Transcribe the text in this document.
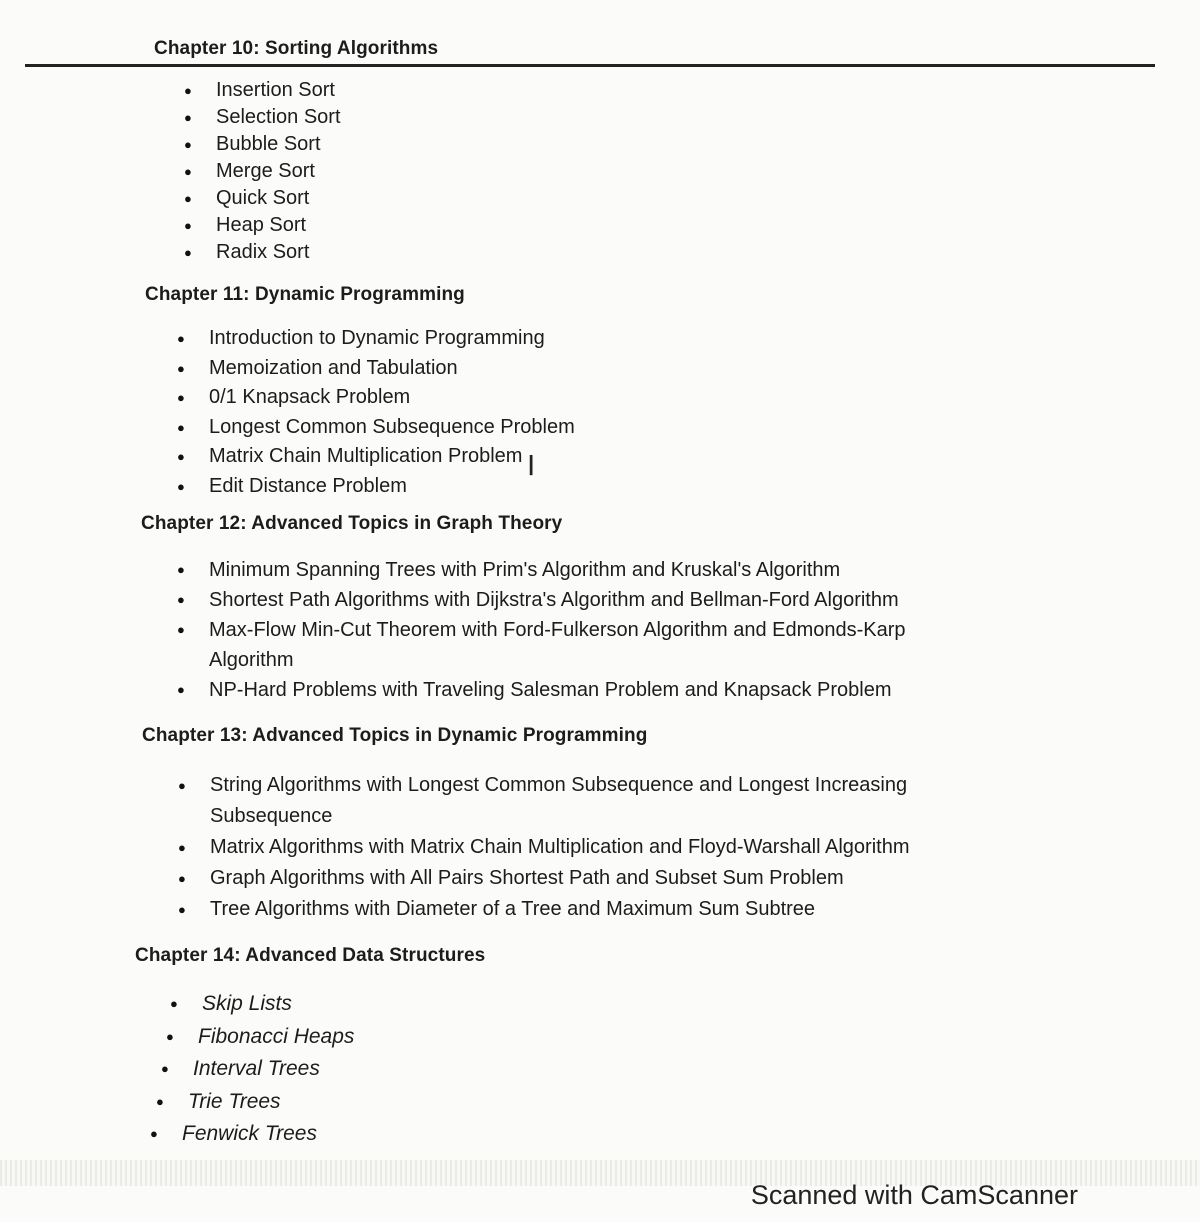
Chapter 10: Sorting Algorithms
● Insertion Sort
● Selection Sort
● Bubble Sort
● Merge Sort
● Quick Sort
● Heap Sort
● Radix Sort
Chapter 11: Dynamic Programming
● Introduction to Dynamic Programming
● Memoization and Tabulation
● 0/1 Knapsack Problem
● Longest Common Subsequence Problem
● Matrix Chain Multiplication Problem
● Edit Distance Problem
I
Chapter 12: Advanced Topics in Graph Theory
● Minimum Spanning Trees with Prim's Algorithm and Kruskal's Algorithm
● Shortest Path Algorithms with Dijkstra's Algorithm and Bellman-Ford Algorithm
● Max-Flow Min-Cut Theorem with Ford-Fulkerson Algorithm and Edmonds-Karp Algorithm
● NP-Hard Problems with Traveling Salesman Problem and Knapsack Problem
Chapter 13: Advanced Topics in Dynamic Programming
● String Algorithms with Longest Common Subsequence and Longest Increasing Subsequence
● Matrix Algorithms with Matrix Chain Multiplication and Floyd-Warshall Algorithm
● Graph Algorithms with All Pairs Shortest Path and Subset Sum Problem
● Tree Algorithms with Diameter of a Tree and Maximum Sum Subtree
Chapter 14: Advanced Data Structures
● Skip Lists
● Fibonacci Heaps
● Interval Trees
● Trie Trees
● Fenwick Trees
Scanned with CamScanner
